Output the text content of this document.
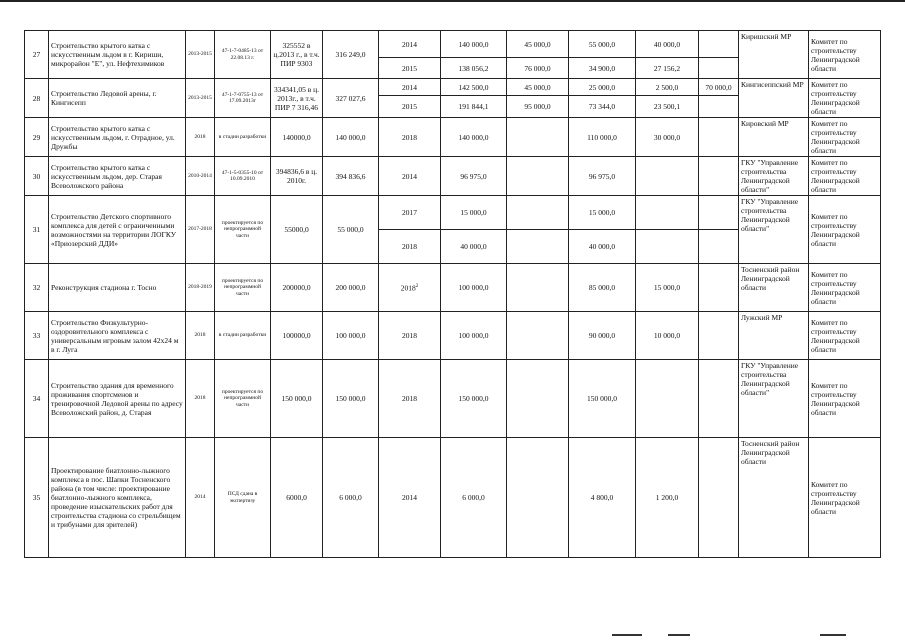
27	Строительство крытого катка с искусственным льдом в г. Кириши, микрорайон "Е", ул. Нефтехимиков	2013-2015	47-1-7-0485-13 от 22.08.13 г.	325552 в ц.2013 г., в т.ч. ПИР 9303	316 249,0	2014	140 000,0	45 000,0	55 000,0	40 000,0		Киришский МР	Комитет по строительству Ленинградской области
						2015	138 056,2	76 000,0	34 900,0	27 156,2			
28	Строительство Ледовой арены, г. Кингисепп	2013-2015	47-1-7-0755-13 от 17.09.2013г	334341,05 в ц. 2013г., в т.ч. ПИР 7 316,46	327 027,6	2014	142 500,0	45 000,0	25 000,0	2 500,0	70 000,0	Кингисеппский МР	Комитет по строительству Ленинградской области
						2015	191 844,1	95 000,0	73 344,0	23 500,1			
29	Строительство крытого катка с искусственным льдом, г. Отрадное, ул. Дружбы	2018	в стадии разработки	140000,0	140 000,0	2018	140 000,0		110 000,0	30 000,0		Кировский МР	Комитет по строительству Ленинградской области
30	Строительство крытого катка с искусственным льдом, дер. Старая Всеволожского района	2010-2014	47-1-5-0355-10 от 10.09.2010	394836,6 в ц. 2010г.	394 836,6	2014	96 975,0		96 975,0			ГКУ "Управление строительства Ленинградской области"	Комитет по строительству Ленинградской области
31	Строительство Детского спортивного комплекса для детей с ограниченными возможностями на территории ЛОГКУ «Приозерский ДДИ»	2017-2018	проектируется по непрограммной части	55000,0	55 000,0	2017	15 000,0		15 000,0			ГКУ "Управление строительства Ленинградской области"	Комитет по строительству Ленинградской области
						2018	40 000,0		40 000,0				
32	Реконструкция стадиона г. Тосно	2018-2019	проектируется по непрограммной части	200000,0	200 000,0	2018$^2$	100 000,0		85 000,0	15 000,0		Тосненский район Ленинградской области	Комитет по строительству Ленинградской области
33	Строительство Физкультурно-оздоровительного комплекса с универсальным игровым залом 42х24 м в г. Луга	2018	в стадии разработки	100000,0	100 000,0	2018	100 000,0		90 000,0	10 000,0		Лужский МР	Комитет по строительству Ленинградской области
34	Строительство здания для временного проживания спортсменов и тренировочной Ледовой арены по адресу Всеволожский район, д. Старая	2018	проектируется по непрограммной части	150 000,0	150 000,0	2018	150 000,0		150 000,0			ГКУ "Управление строительства Ленинградской области"	Комитет по строительству Ленинградской области
35	Проектирование биатлонно-лыжного комплекса в пос. Шапки Тосненского района (в том числе: проектирование биатлонно-лыжного комплекса, проведение изыскательских работ для строительства стадиона со стрельбищем и трибунами для зрителей)	2014	ПСД сдана в экспертизу	6000,0	6 000,0	2014	6 000,0		4 800,0	1 200,0		Тосненский район Ленинградской области	Комитет по строительству Ленинградской области
